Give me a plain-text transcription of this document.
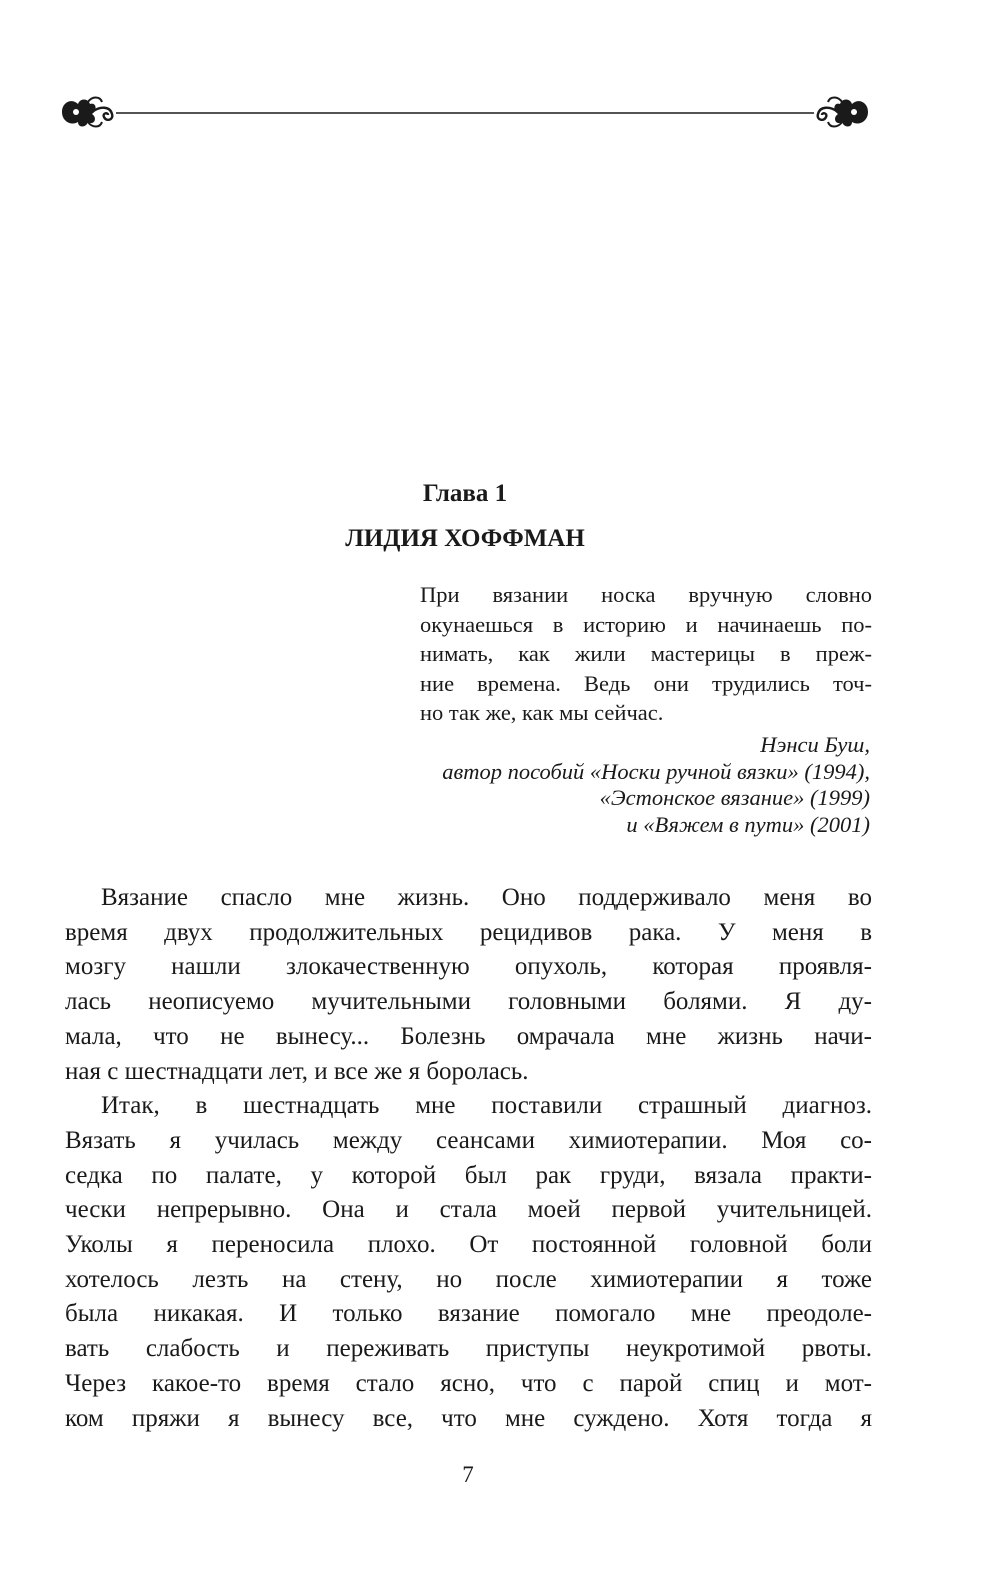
Глава 1
ЛИДИЯ ХОФФМАН
При вязании носка вручную словно
окунаешься в историю и начинаешь по-
нимать, как жили мастерицы в преж-
ние времена. Ведь они трудились точ-
но так же, как мы сейчас.
Нэнси Буш,
автор пособий «Носки ручной вязки» (1994),
«Эстонское вязание» (1999)
и «Вяжем в пути» (2001)
Вязание спасло мне жизнь. Оно поддерживало меня во
время двух продолжительных рецидивов рака. У меня в
мозгу нашли злокачественную опухоль, которая проявля-
лась неописуемо мучительными головными болями. Я ду-
мала, что не вынесу... Болезнь омрачала мне жизнь начи-
ная с шестнадцати лет, и все же я боролась.
Итак, в шестнадцать мне поставили страшный диагноз.
Вязать я училась между сеансами химиотерапии. Моя со-
седка по палате, у которой был рак груди, вязала практи-
чески непрерывно. Она и стала моей первой учительницей.
Уколы я переносила плохо. От постоянной головной боли
хотелось лезть на стену, но после химиотерапии я тоже
была никакая. И только вязание помогало мне преодоле-
вать слабость и переживать приступы неукротимой рвоты.
Через какое-то время стало ясно, что с парой спиц и мот-
ком пряжи я вынесу все, что мне суждено. Хотя тогда я
7
